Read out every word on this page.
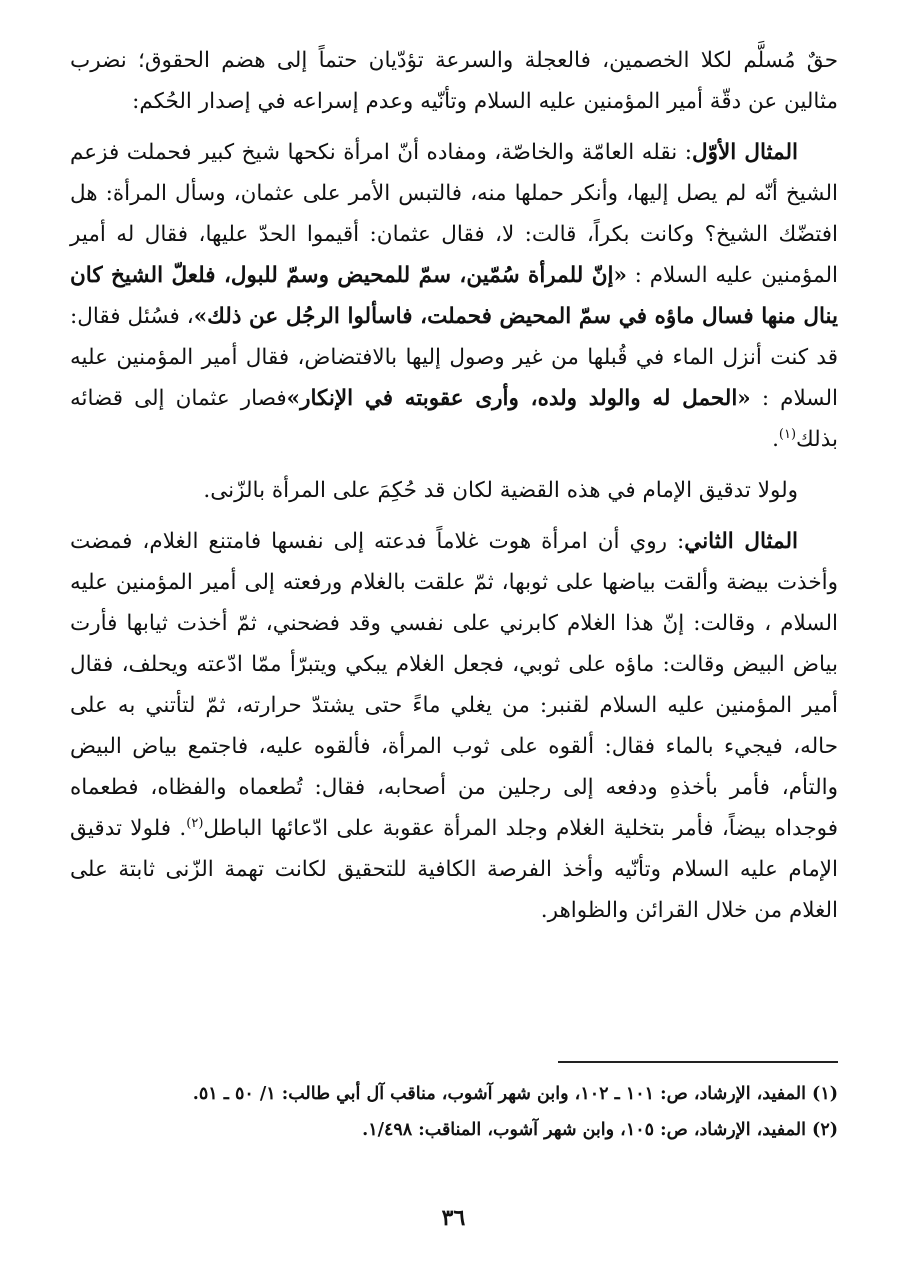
حقٌ مُسلَّم لكلا الخصمين، فالعجلة والسرعة تؤدّيان حتماً إلى هضم الحقوق؛ نضرب مثالين عن دقّة أمير المؤمنين عليه السلام وتأنّيه وعدم إسراعه في إصدار الحُكم:

المثال الأوّل: نقله العامّة والخاصّة، ومفاده أنّ امرأة نكحها شيخ كبير فحملت فزعم الشيخ أنّه لم يصل إليها، وأنكر حملها منه، فالتبس الأمر على عثمان، وسأل المرأة: هل افتضّك الشيخ؟ وكانت بكراً، قالت: لا، فقال عثمان: أقيموا الحدّ عليها، فقال له أمير المؤمنين عليه السلام : «إنّ للمرأة سُمّين، سمّ للمحيض وسمّ للبول، فلعلّ الشيخ كان ينال منها فسال ماؤه في سمّ المحيض فحملت، فاسألوا الرجُل عن ذلك»، فسُئل فقال: قد كنت أنزل الماء في قُبلها من غير وصول إليها بالافتضاض، فقال أمير المؤمنين عليه السلام : «الحمل له والولد ولده، وأرى عقوبته في الإنكار»فصار عثمان إلى قضائه بذلك$^{(١)}$.

ولولا تدقيق الإمام في هذه القضية لكان قد حُكِمَ على المرأة بالزّنى.

المثال الثاني: روي أن امرأة هوت غلاماً فدعته إلى نفسها فامتنع الغلام، فمضت وأخذت بيضة وألقت بياضها على ثوبها، ثمّ علقت بالغلام ورفعته إلى أمير المؤمنين عليه السلام ، وقالت: إنّ هذا الغلام كابرني على نفسي وقد فضحني، ثمّ أخذت ثيابها فأرت بياض البيض وقالت: ماؤه على ثوبي، فجعل الغلام يبكي ويتبرّأ ممّا ادّعته ويحلف، فقال أمير المؤمنين عليه السلام لقنبر: من يغلي ماءً حتى يشتدّ حرارته، ثمّ لتأتني به على حاله، فيجيء بالماء فقال: ألقوه على ثوب المرأة، فألقوه عليه، فاجتمع بياض البيض والتأم، فأمر بأخذهِ ودفعه إلى رجلين من أصحابه، فقال: تُطعماه والفظاه، فطعماه فوجداه بيضاً، فأمر بتخلية الغلام وجلد المرأة عقوبة على ادّعائها الباطل$^{(٢)}$. فلولا تدقيق الإمام عليه السلام وتأنّيه وأخذ الفرصة الكافية للتحقيق لكانت تهمة الزّنى ثابتة على الغلام من خلال القرائن والظواهر.

(١) المفيد، الإرشاد، ص: ١٠١ ـ ١٠٢، وابن شهر آشوب، مناقب آل أبي طالب: ١/ ٥٠ ـ ٥١.

(٢) المفيد، الإرشاد، ص: ١٠٥، وابن شهر آشوب، المناقب: ١/٤٩٨.

٣٦
